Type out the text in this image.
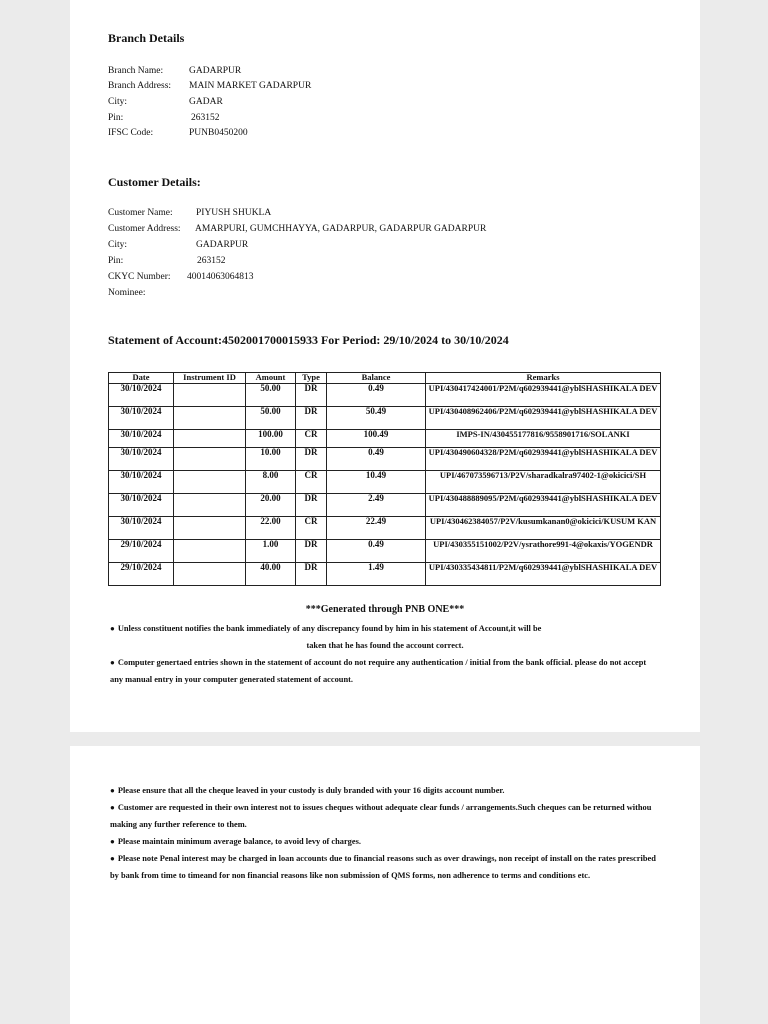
Branch Details
Branch Name:	GADARPUR
Branch Address: MAIN MARKET GADARPUR
City:	GADAR
Pin:	263152
IFSC Code:	PUNB0450200
Customer Details:
Customer Name: PIYUSH SHUKLA
Customer Address: AMARPURI, GUMCHHAYYA, GADARPUR, GADARPUR GADARPUR
City:	GADARPUR
Pin:	263152
CKYC Number: 40014063064813
Nominee:
Statement of Account:4502001700015933 For Period: 29/10/2024 to 30/10/2024
Date	Instrument ID	Amount	Type	Balance	Remarks
30/10/2024		50.00	DR	0.49	UPI/430417424001/P2M/q602939441@yblSHASHIKALA DEV
30/10/2024		50.00	DR	50.49	UPI/430408962406/P2M/q602939441@yblSHASHIKALA DEV
30/10/2024		100.00	CR	100.49	IMPS-IN/430455177816/9558901716/SOLANKI
30/10/2024		10.00	DR	0.49	UPI/430490604328/P2M/q602939441@yblSHASHIKALA DEV
30/10/2024		8.00	CR	10.49	UPI/467073596713/P2V/sharadkalra97402-1@okicici/SH
30/10/2024		20.00	DR	2.49	UPI/430488889095/P2M/q602939441@yblSHASHIKALA DEV
30/10/2024		22.00	CR	22.49	UPI/430462384057/P2V/kusumkanan0@okicici/KUSUM KAN
29/10/2024		1.00	DR	0.49	UPI/430355151002/P2V/ysrathore991-4@okaxis/YOGENDR
29/10/2024		40.00	DR	1.49	UPI/430335434811/P2M/q602939441@yblSHASHIKALA DEV
***Generated through PNB ONE***

● Unless constituent notifies the bank immediately of any discrepancy found by him in his statement of Account,it will be

taken that he has found the account correct.

● Computer genertaed entries shown in the statement of account do not require any authentication / initial from the bank official. please do not accept any manual entry in your computer generated statement of account.

● Please ensure that all the cheque leaved in your custody is duly branded with your 16 digits account number.

● Customer are requested in their own interest not to issues cheques without adequate clear funds / arrangements.Such cheques can be returned withou making any further reference to them.

● Please maintain minimum average balance, to avoid levy of charges.

● Please note Penal interest may be charged in loan accounts due to financial reasons such as over drawings, non receipt of install on the rates prescribed by bank from time to timeand for non financial reasons like non submission of QMS forms, non adherence to terms and conditions etc.
